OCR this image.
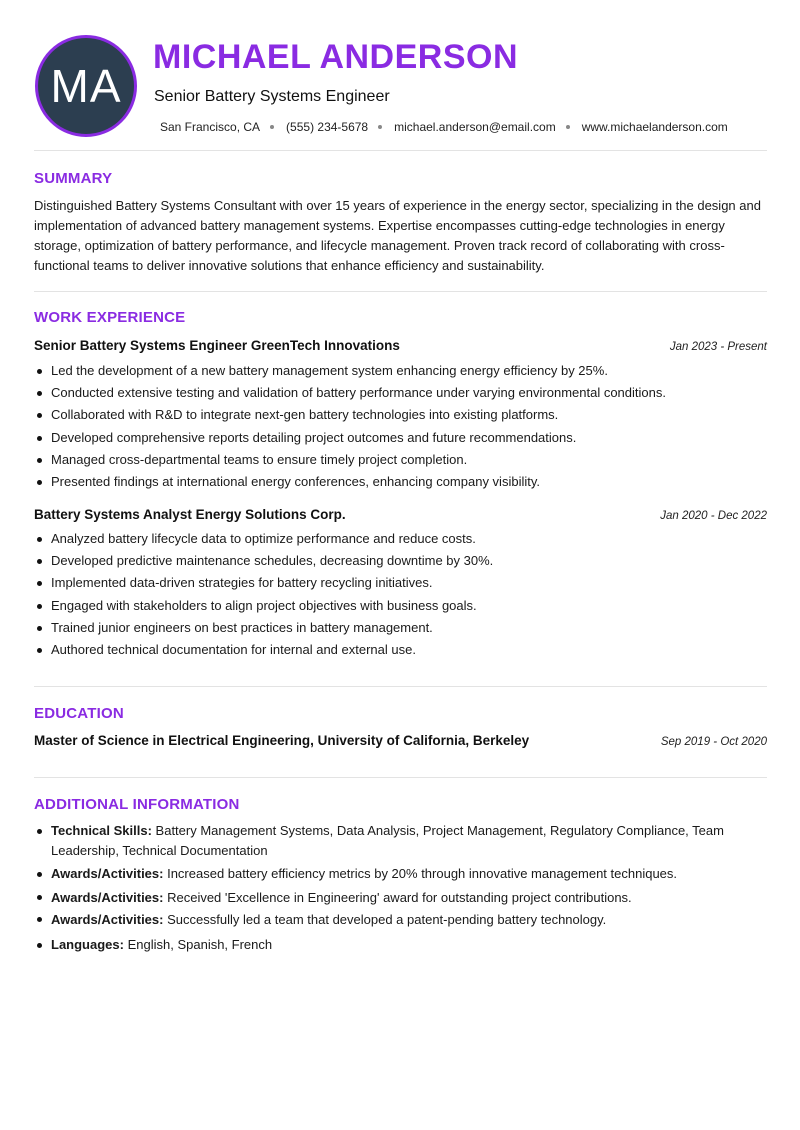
MA
MICHAEL ANDERSON
Senior Battery Systems Engineer
San Francisco, CA (555) 234-5678 michael.anderson@email.com www.michaelanderson.com
SUMMARY
Distinguished Battery Systems Consultant with over 15 years of experience in the energy sector, specializing in the design and implementation of advanced battery management systems. Expertise encompasses cutting-edge technologies in energy storage, optimization of battery performance, and lifecycle management. Proven track record of collaborating with cross-functional teams to deliver innovative solutions that enhance efficiency and sustainability.
WORK EXPERIENCE
Senior Battery Systems Engineer GreenTech Innovations	Jan 2023 - Present
Led the development of a new battery management system enhancing energy efficiency by 25%.
Conducted extensive testing and validation of battery performance under varying environmental conditions.
Collaborated with R&D to integrate next-gen battery technologies into existing platforms.
Developed comprehensive reports detailing project outcomes and future recommendations.
Managed cross-departmental teams to ensure timely project completion.
Presented findings at international energy conferences, enhancing company visibility.
Battery Systems Analyst Energy Solutions Corp.	Jan 2020 - Dec 2022
Analyzed battery lifecycle data to optimize performance and reduce costs.
Developed predictive maintenance schedules, decreasing downtime by 30%.
Implemented data-driven strategies for battery recycling initiatives.
Engaged with stakeholders to align project objectives with business goals.
Trained junior engineers on best practices in battery management.
Authored technical documentation for internal and external use.
EDUCATION
Master of Science in Electrical Engineering, University of California, Berkeley	Sep 2019 - Oct 2020
ADDITIONAL INFORMATION
Technical Skills: Battery Management Systems, Data Analysis, Project Management, Regulatory Compliance, Team Leadership, Technical Documentation
Awards/Activities: Increased battery efficiency metrics by 20% through innovative management techniques.
Awards/Activities: Received 'Excellence in Engineering' award for outstanding project contributions.
Awards/Activities: Successfully led a team that developed a patent-pending battery technology.
Languages: English, Spanish, French
